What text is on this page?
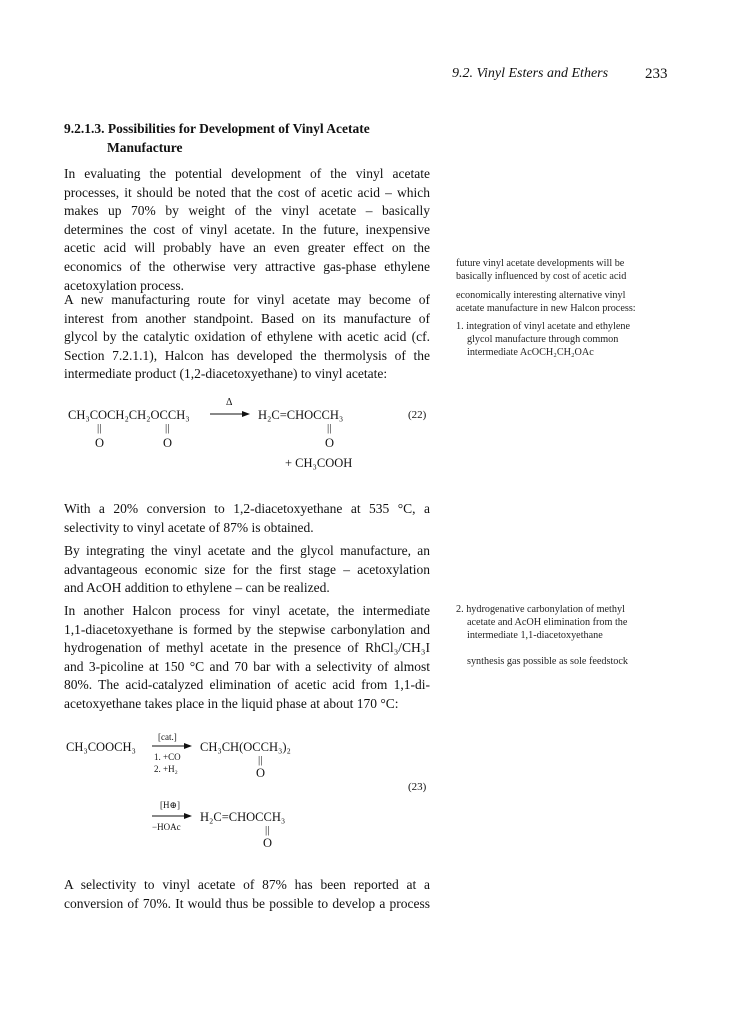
9.2. Vinyl Esters and Ethers 233
9.2.1.3. Possibilities for Development of Vinyl Acetate
Manufacture
In evaluating the potential development of the vinyl acetate
processes, it should be noted that the cost of acetic acid – which
makes up 70% by weight of the vinyl acetate – basically
determines the cost of vinyl acetate. In the future, inexpensive
acetic acid will probably have an even greater effect on the
economics of the otherwise very attractive gas-phase ethylene
acetoxylation process.
A new manufacturing route for vinyl acetate may become of
interest from another standpoint. Based on its manufacture of
glycol by the catalytic oxidation of ethylene with acetic acid (cf.
Section 7.2.1.1), Halcon has developed the thermolysis of the
intermediate product (1,2-diacetoxyethane) to vinyl acetate:
future vinyl acetate developments will be
basically influenced by cost of acetic acid
economically interesting alternative vinyl
acetate manufacture in new Halcon process:
1. integration of vinyl acetate and ethylene
glycol manufacture through common
intermediate AcOCH₂CH₂OAc
CH₃COCH₂CH₂OCCH₃
||	||
O	O
Δ
→ H₂C=CHOCCH₃
||
O
(22)
+ CH₃COOH
With a 20% conversion to 1,2-diacetoxyethane at 535 °C, a
selectivity to vinyl acetate of 87% is obtained.
By integrating the vinyl acetate and the glycol manufacture, an
advantageous economic size for the first stage – acetoxylation
and AcOH addition to ethylene – can be realized.
In another Halcon process for vinyl acetate, the intermediate
1,1-diacetoxyethane is formed by the stepwise carbonylation and
hydrogenation of methyl acetate in the presence of RhCl₃/CH₃I
and 3-picoline at 150 °C and 70 bar with a selectivity of almost
80%. The acid-catalyzed elimination of acetic acid from 1,1-di-
acetoxyethane takes place in the liquid phase at about 170 °C:
2. hydrogenative carbonylation of methyl
acetate and AcOH elimination from the
intermediate 1,1-diacetoxyethane
synthesis gas possible as sole feedstock
CH₃COOCH₃
[cat.]
1. +CO
2. +H₂
CH₃CH(OCCH₃)₂
||
O
(23)
[H⊕]
−HOAc
H₂C=CHOCCH₃
||
O
A selectivity to vinyl acetate of 87% has been reported at a
conversion of 70%. It would thus be possible to develop a process
